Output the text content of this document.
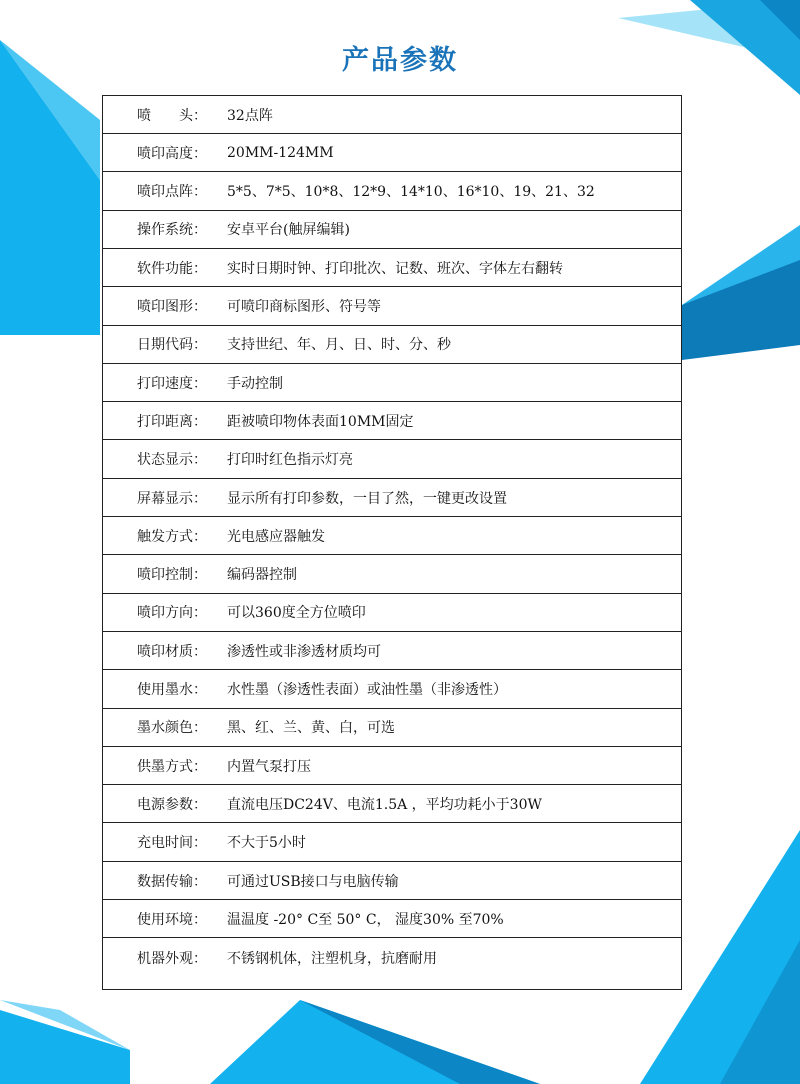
产品参数
喷　　头：	32点阵
喷印高度：	20MM-124MM
喷印点阵：	5*5、7*5、10*8、12*9、14*10、16*10、19、21、32
操作系统：	安卓平台(触屏编辑)
软件功能：	实时日期时钟、打印批次、记数、班次、字体左右翻转
喷印图形：	可喷印商标图形、符号等
日期代码：	支持世纪、年、月、日、时、分、秒
打印速度：	手动控制
打印距离：	距被喷印物体表面10MM固定
状态显示：	打印时红色指示灯亮
屏幕显示：	显示所有打印参数，一目了然，一键更改设置
触发方式：	光电感应器触发
喷印控制：	编码器控制
喷印方向：	可以360度全方位喷印
喷印材质：	渗透性或非渗透材质均可
使用墨水：	水性墨（渗透性表面）或油性墨（非渗透性）
墨水颜色：	黑、红、兰、黄、白，可选
供墨方式：	内置气泵打压
电源参数：	直流电压DC24V、电流1.5A ，平均功耗小于30W
充电时间：	不大于5小时
数据传输：	可通过USB接口与电脑传输
使用环境：	温温度 -20° C至 50° C， 湿度30% 至70%
机器外观：	不锈钢机体，注塑机身，抗磨耐用
